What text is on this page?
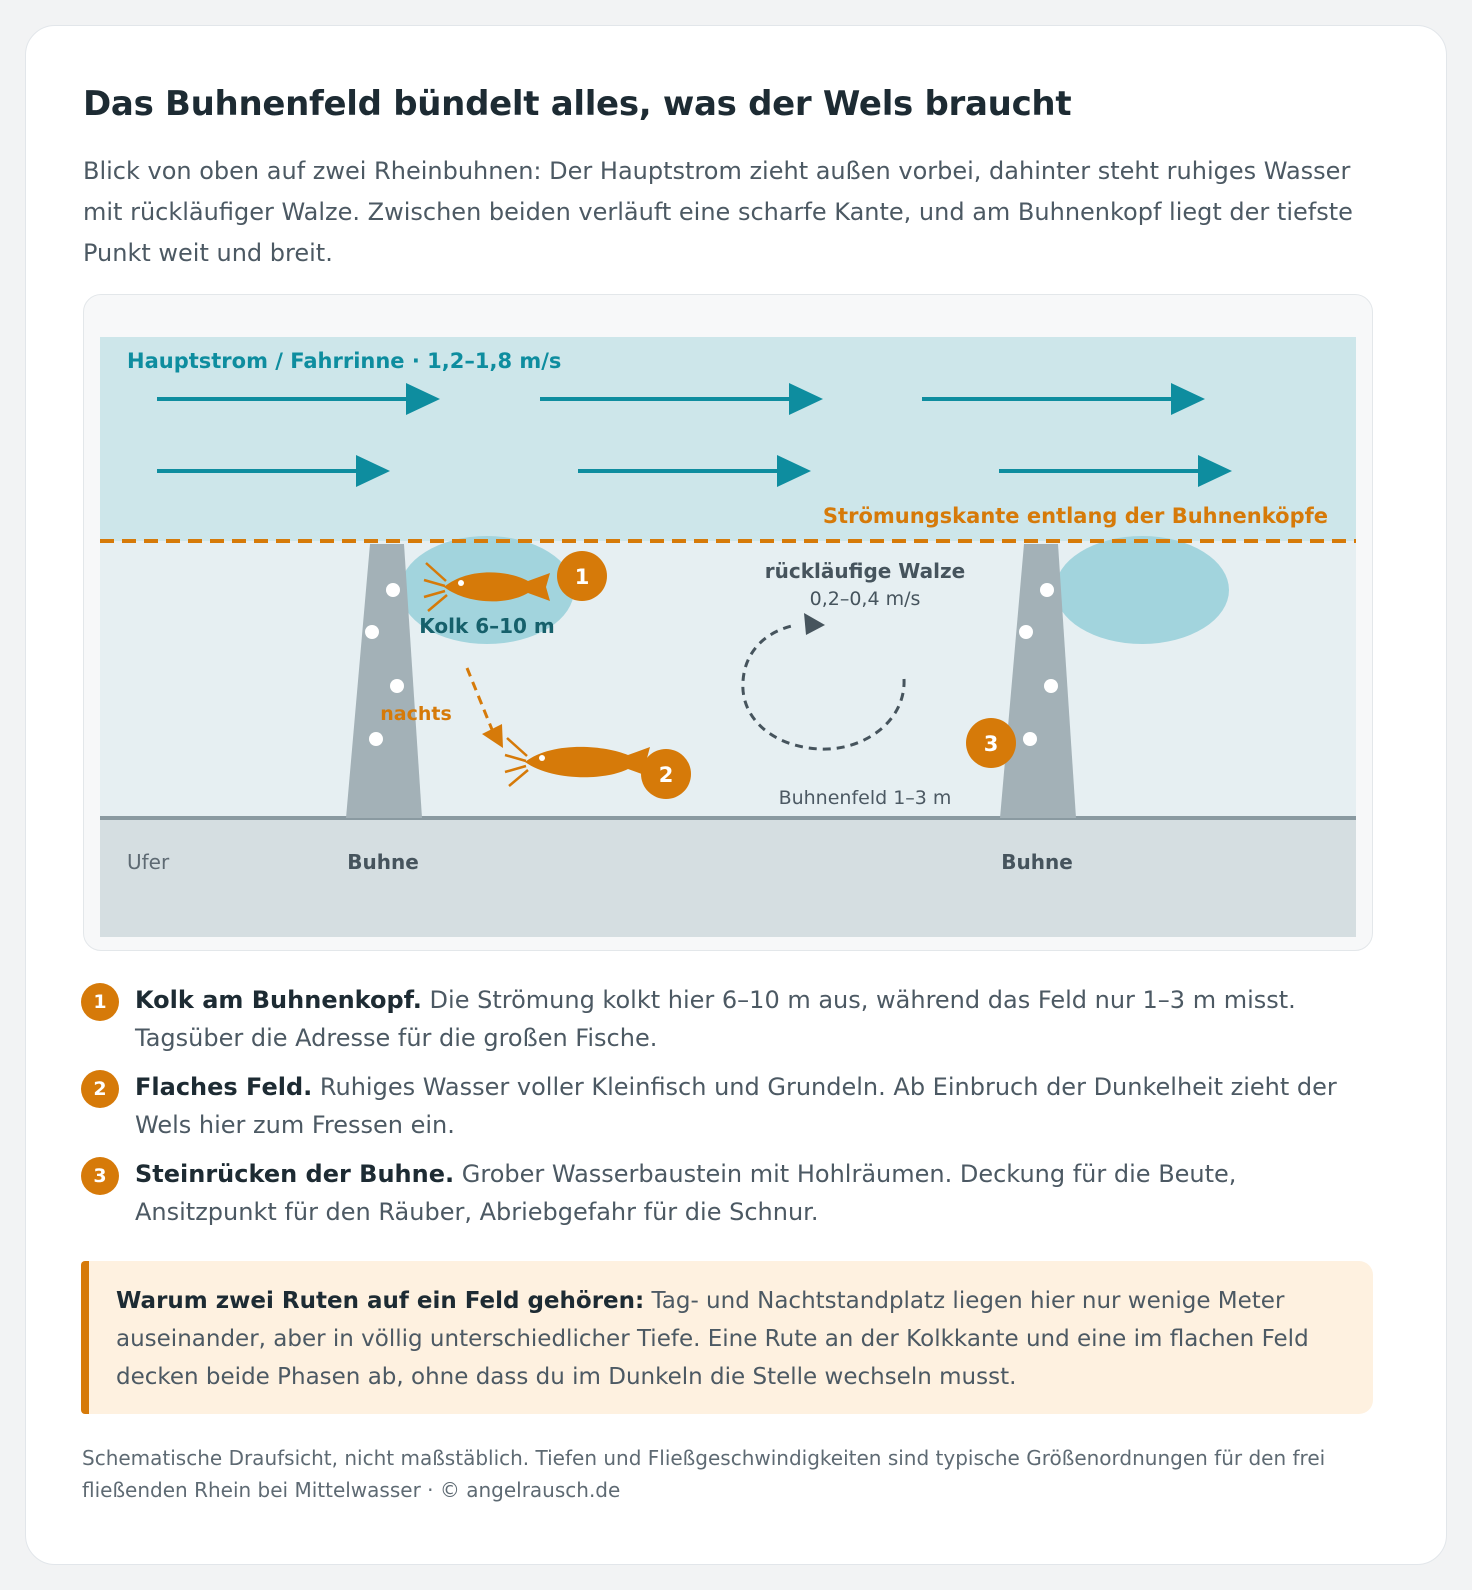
Das Buhnenfeld bündelt alles, was der Wels braucht

Blick von oben auf zwei Rheinbuhnen: Der Hauptstrom zieht außen vorbei, dahinter steht ruhiges Wasser mit rückläufiger Walze. Zwischen beiden verläuft eine scharfe Kante, und am Buhnenkopf liegt der tiefste Punkt weit und breit.

Hauptstrom / Fahrrinne · 1,2–1,8 m/s
Strömungskante entlang der Buhnenköpfe
1
Kolk 6–10 m
nachts
2
rückläufige Walze
0,2–0,4 m/s
Buhnenfeld 1–3 m
3
Ufer	Buhne	Buhne
1	Kolk am Buhnenkopf. Die Strömung kolkt hier 6–10 m aus, während das Feld nur 1–3 m misst. Tagsüber die Adresse für die großen Fische.
2	Flaches Feld. Ruhiges Wasser voller Kleinfisch und Grundeln. Ab Einbruch der Dunkelheit zieht der Wels hier zum Fressen ein.
3	Steinrücken der Buhne. Grober Wasserbaustein mit Hohlräumen. Deckung für die Beute, Ansitzpunkt für den Räuber, Abriebgefahr für die Schnur.
Warum zwei Ruten auf ein Feld gehören: Tag- und Nachtstandplatz liegen hier nur wenige Meter auseinander, aber in völlig unterschiedlicher Tiefe. Eine Rute an der Kolkkante und eine im flachen Feld decken beide Phasen ab, ohne dass du im Dunkeln die Stelle wechseln musst.

Schematische Draufsicht, nicht maßstäblich. Tiefen und Fließgeschwindigkeiten sind typische Größenordnungen für den frei fließenden Rhein bei Mittelwasser · © angelrausch.de
